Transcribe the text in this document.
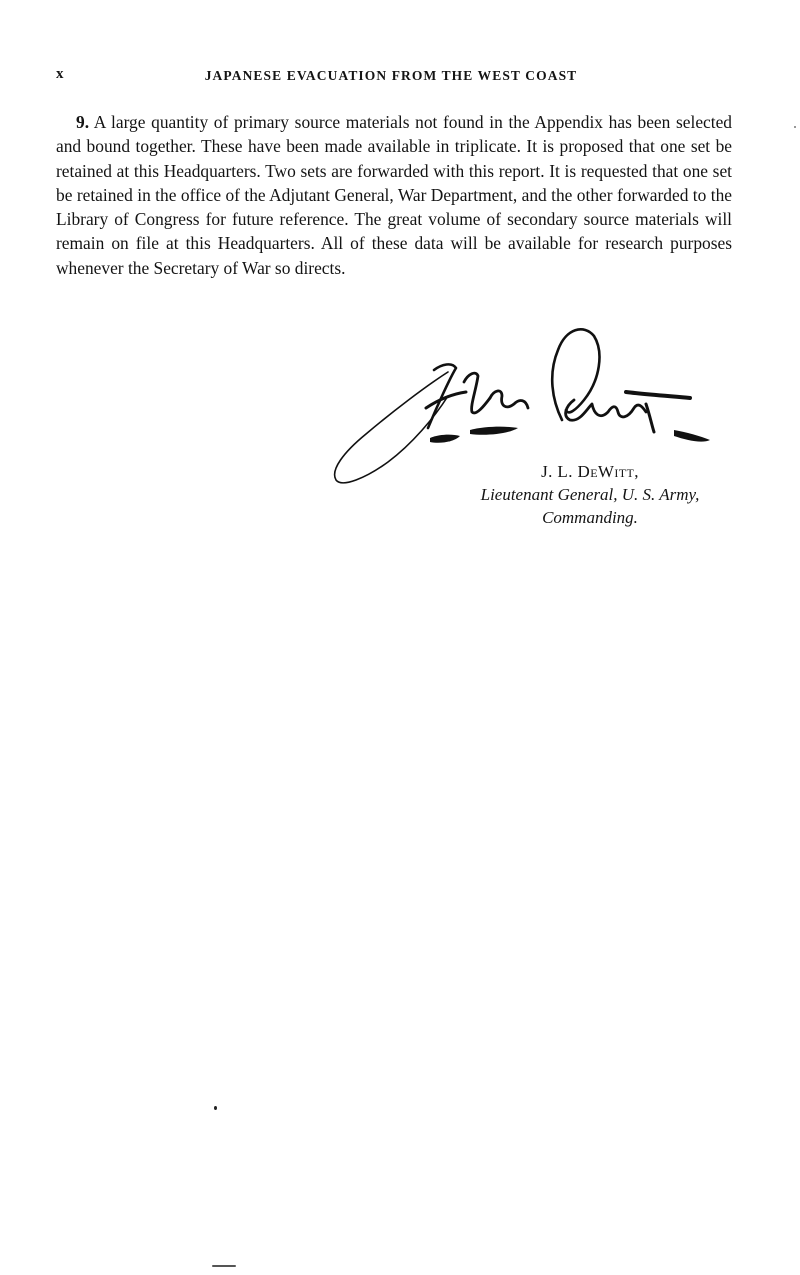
x	JAPANESE EVACUATION FROM THE WEST COAST

9. A large quantity of primary source materials not found in the Appendix has been selected and bound together. These have been made available in triplicate. It is proposed that one set be retained at this Headquarters. Two sets are forwarded with this report. It is requested that one set be retained in the office of the Adjutant General, War Department, and the other forwarded to the Library of Congress for future reference. The great volume of secondary source materials will remain on file at this Headquarters. All of these data will be available for research purposes whenever the Secretary of War so directs.

J. L. DeWitt,
Lieutenant General, U. S. Army,
Commanding.
